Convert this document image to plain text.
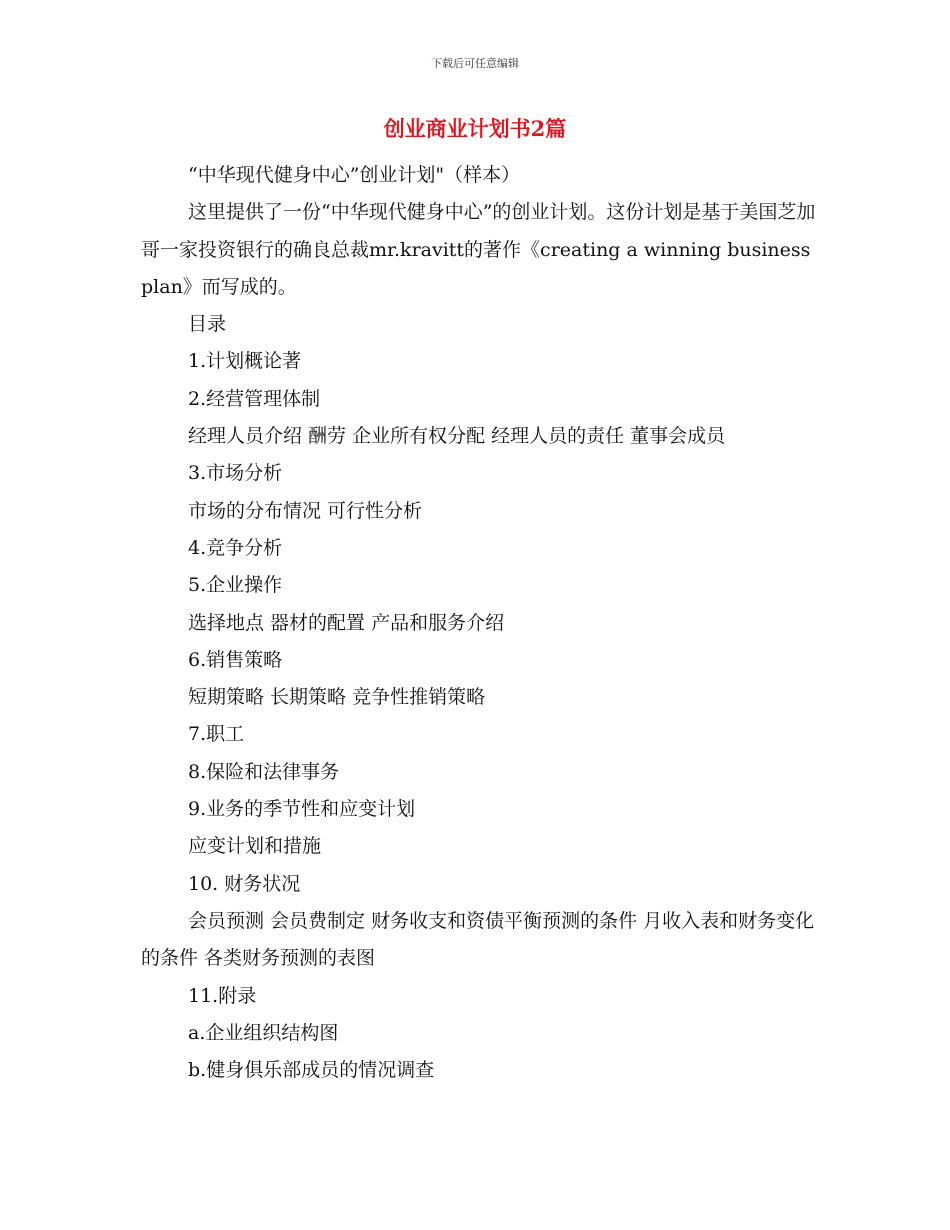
下载后可任意编辑
创业商业计划书2篇

“中华现代健身中心”创业计划"（样本）

这里提供了一份“中华现代健身中心”的创业计划。这份计划是基于美国芝加哥一家投资银行的确良总裁mr.kravitt的著作《creating a winning business plan》而写成的。

目录

1.计划概论著

2.经营管理体制

经理人员介绍 酬劳 企业所有权分配 经理人员的责任 董事会成员

3.市场分析

市场的分布情况 可行性分析

4.竞争分析

5.企业操作

选择地点 器材的配置 产品和服务介绍

6.销售策略

短期策略 长期策略 竞争性推销策略

7.职工

8.保险和法律事务

9.业务的季节性和应变计划

应变计划和措施

10. 财务状况

会员预测 会员费制定 财务收支和资债平衡预测的条件 月收入表和财务变化的条件 各类财务预测的表图

11.附录

a.企业组织结构图

b.健身俱乐部成员的情况调查
